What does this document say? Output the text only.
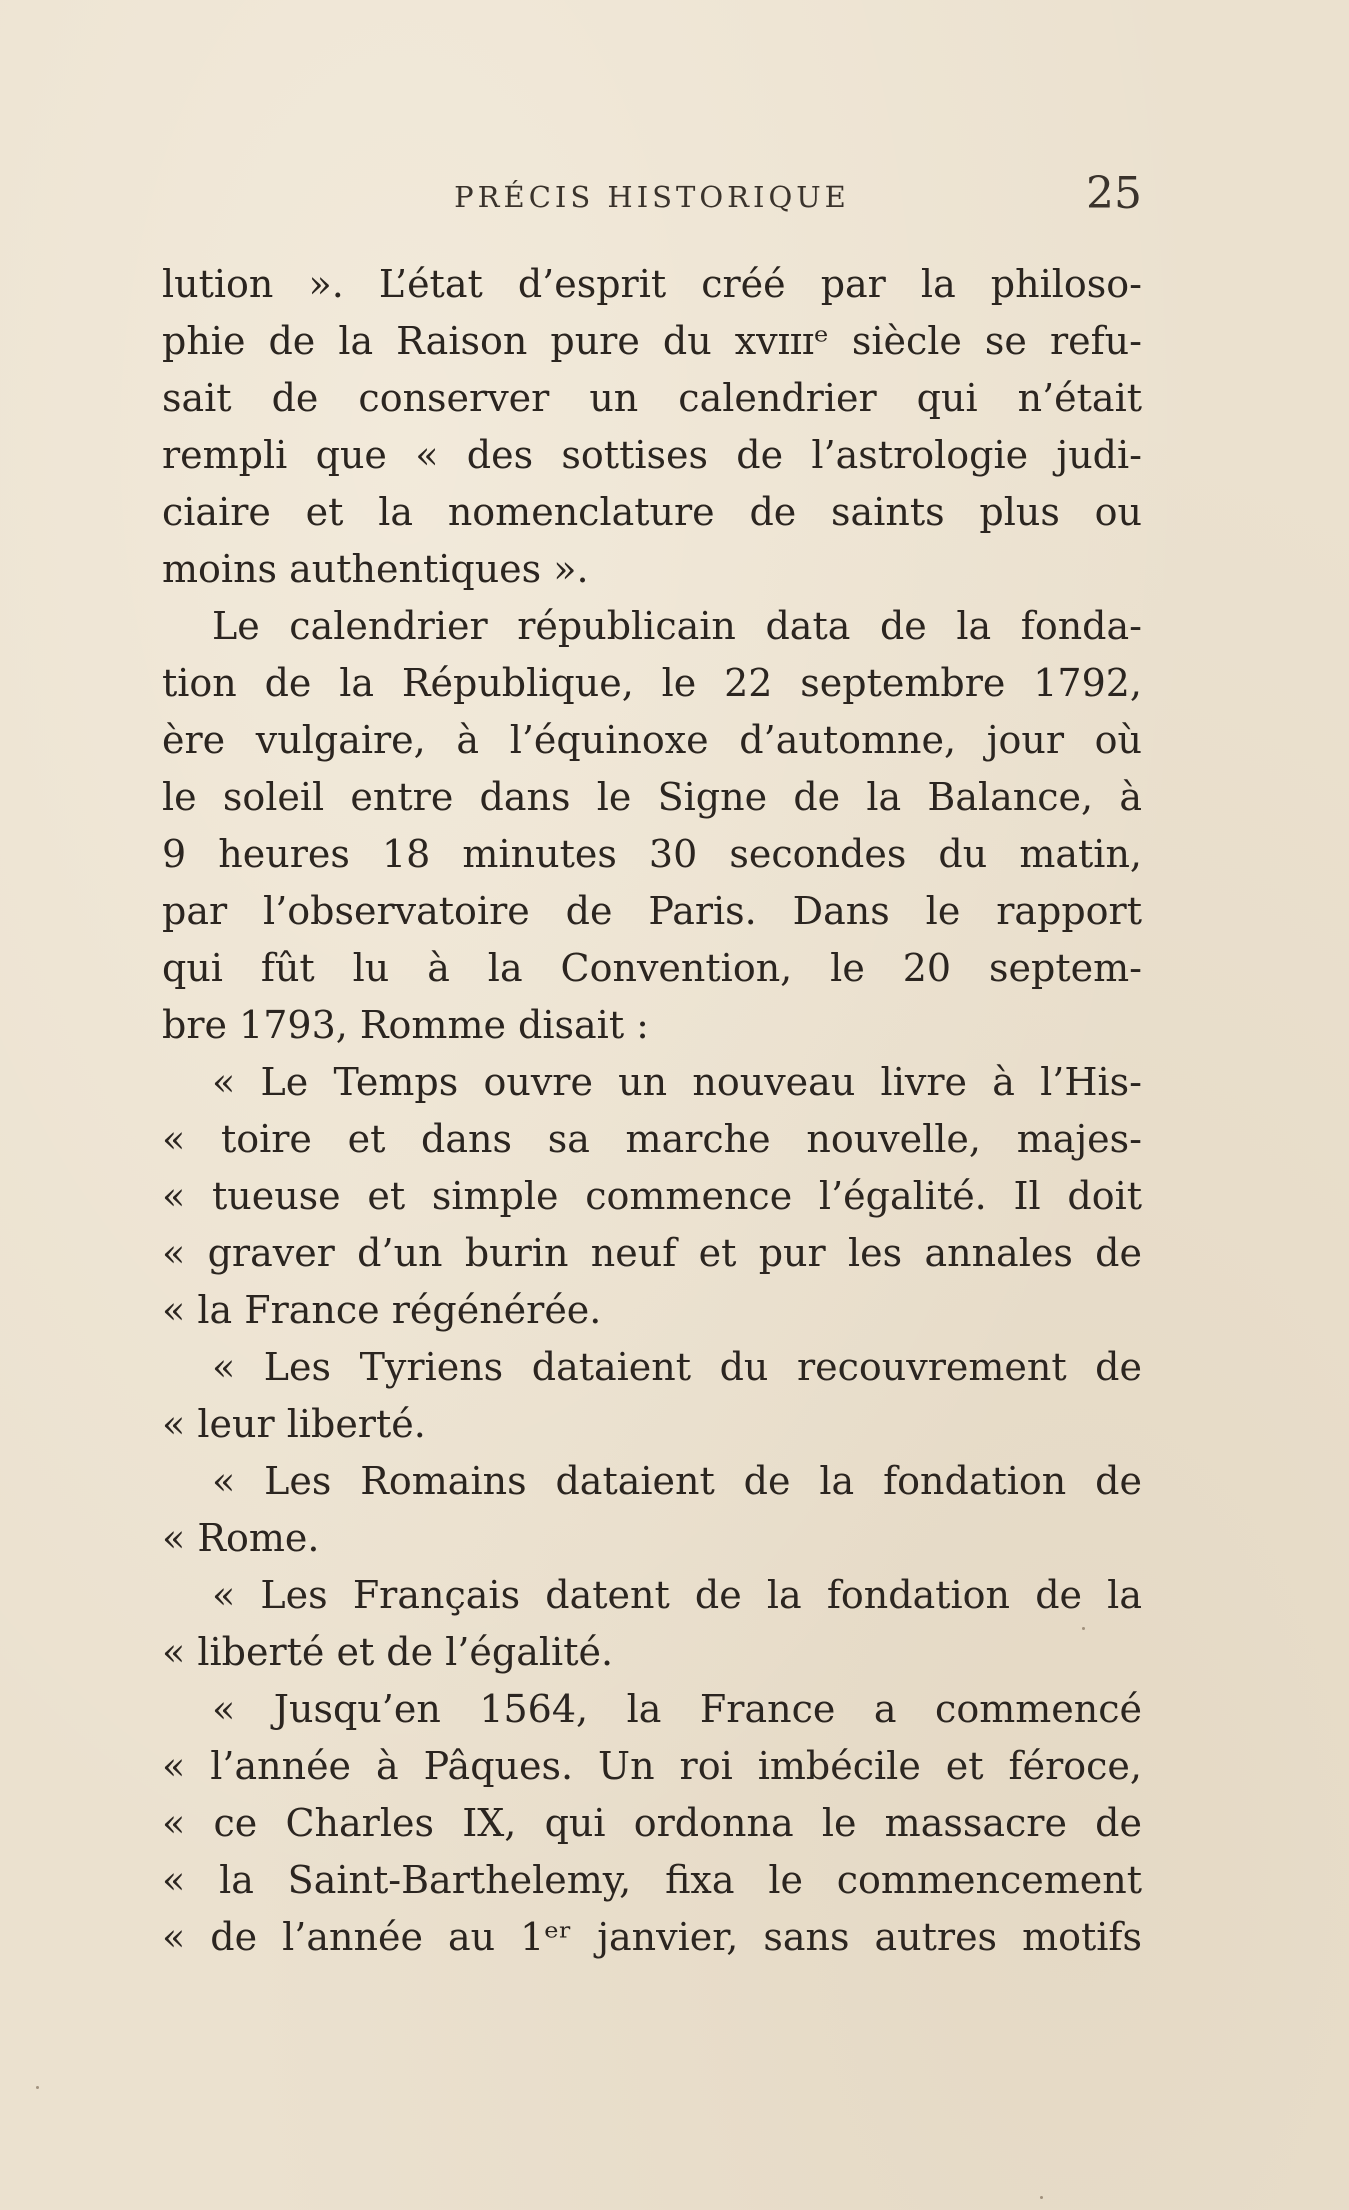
PRÉCIS HISTORIQUE	25
lution ». L’état d’esprit créé par la philoso-
phie de la Raison pure du xvɪɪɪᵉ siècle se refu-
sait de conserver un calendrier qui n’était
rempli que « des sottises de l’astrologie judi-
ciaire et la nomenclature de saints plus ou
moins authentiques ».
Le calendrier républicain data de la fonda-
tion de la République, le 22 septembre 1792,
ère vulgaire, à l’équinoxe d’automne, jour où
le soleil entre dans le Signe de la Balance, à
9 heures 18 minutes 30 secondes du matin,
par l’observatoire de Paris. Dans le rapport
qui fût lu à la Convention, le 20 septem-
bre 1793, Romme disait :
« Le Temps ouvre un nouveau livre à l’His-
« toire et dans sa marche nouvelle, majes-
« tueuse et simple commence l’égalité. Il doit
« graver d’un burin neuf et pur les annales de
« la France régénérée.
« Les Tyriens dataient du recouvrement de
« leur liberté.
« Les Romains dataient de la fondation de
« Rome.
« Les Français datent de la fondation de la
« liberté et de l’égalité.
« Jusqu’en 1564, la France a commencé
« l’année à Pâques. Un roi imbécile et féroce,
« ce Charles IX, qui ordonna le massacre de
« la Saint-Barthelemy, fixa le commencement
« de l’année au 1ᵉʳ janvier, sans autres motifs
